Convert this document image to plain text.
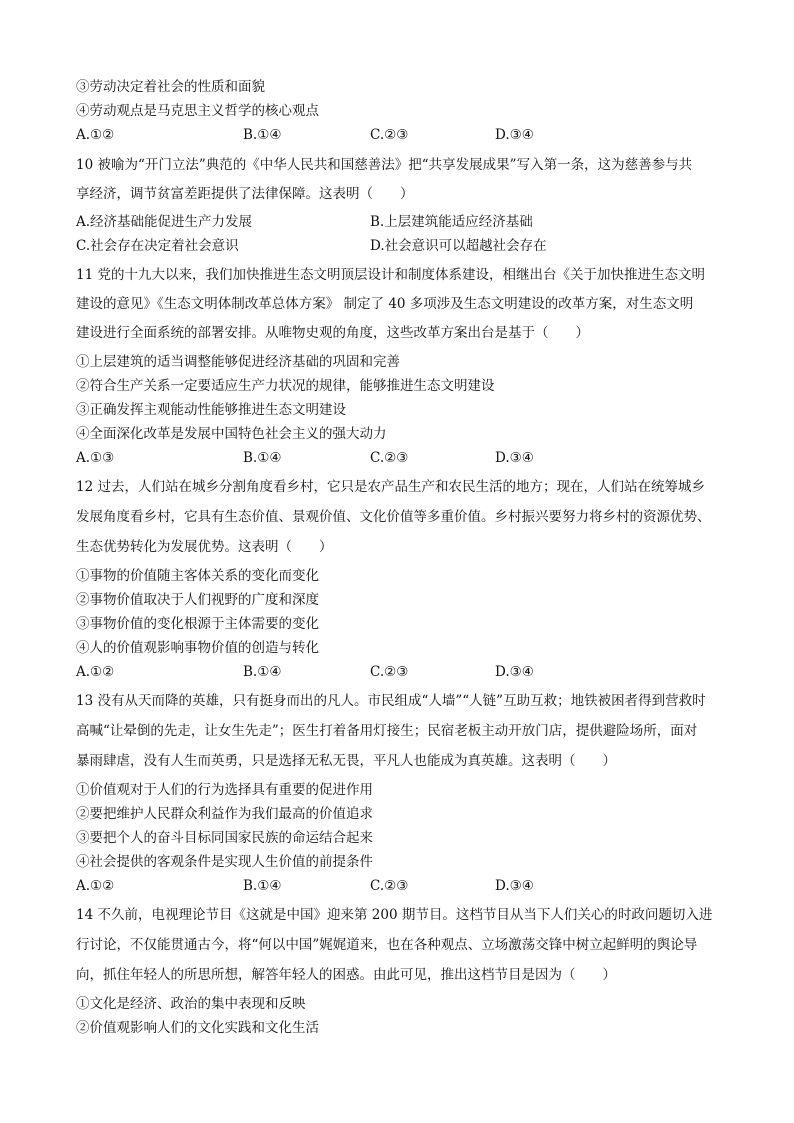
③劳动决定着社会的性质和面貌
④劳动观点是马克思主义哲学的核心观点
A.①②	B.①④	C.②③	D.③④
10 被喻为“开门立法”典范的《中华人民共和国慈善法》把“共享发展成果”写入第一条，这为慈善参与共
享经济，调节贫富差距提供了法律保障。这表明（　　）
A.经济基础能促进生产力发展	B.上层建筑能适应经济基础
C.社会存在决定着社会意识	D.社会意识可以超越社会存在
11 党的十九大以来，我们加快推进生态文明顶层设计和制度体系建设，相继出台《关于加快推进生态文明
建设的意见》《生态文明体制改革总体方案》 制定了 40 多项涉及生态文明建设的改革方案，对生态文明
建设进行全面系统的部署安排。从唯物史观的角度，这些改革方案出台是基于（　　）
①上层建筑的适当调整能够促进经济基础的巩固和完善
②符合生产关系一定要适应生产力状况的规律，能够推进生态文明建设
③正确发挥主观能动性能够推进生态文明建设
④全面深化改革是发展中国特色社会主义的强大动力
A.①③	B.①④	C.②③	D.③④
12 过去，人们站在城乡分割角度看乡村，它只是农产品生产和农民生活的地方；现在，人们站在统筹城乡
发展角度看乡村，它具有生态价值、景观价值、文化价值等多重价值。乡村振兴要努力将乡村的资源优势、
生态优势转化为发展优势。这表明（　　）
①事物的价值随主客体关系的变化而变化
②事物价值取决于人们视野的广度和深度
③事物价值的变化根源于主体需要的变化
④人的价值观影响事物价值的创造与转化
A.①②	B.①④	C.②③	D.③④
13 没有从天而降的英雄，只有挺身而出的凡人。市民组成“人墙”“人链”互助互救；地铁被困者得到营救时
高喊“让晕倒的先走，让女生先走”；医生打着备用灯接生；民宿老板主动开放门店，提供避险场所，面对
暴雨肆虐，没有人生而英勇，只是选择无私无畏，平凡人也能成为真英雄。这表明（　　）
①价值观对于人们的行为选择具有重要的促进作用
②要把维护人民群众利益作为我们最高的价值追求
③要把个人的奋斗目标同国家民族的命运结合起来
④社会提供的客观条件是实现人生价值的前提条件
A.①②	B.①④	C.②③	D.③④
14 不久前，电视理论节目《这就是中国》迎来第 200 期节目。这档节目从当下人们关心的时政问题切入进
行讨论，不仅能贯通古今，将“何以中国”娓娓道来，也在各种观点、立场激荡交锋中树立起鲜明的舆论导
向，抓住年轻人的所思所想，解答年轻人的困惑。由此可见，推出这档节目是因为（　　）
①文化是经济、政治的集中表现和反映
②价值观影响人们的文化实践和文化生活
